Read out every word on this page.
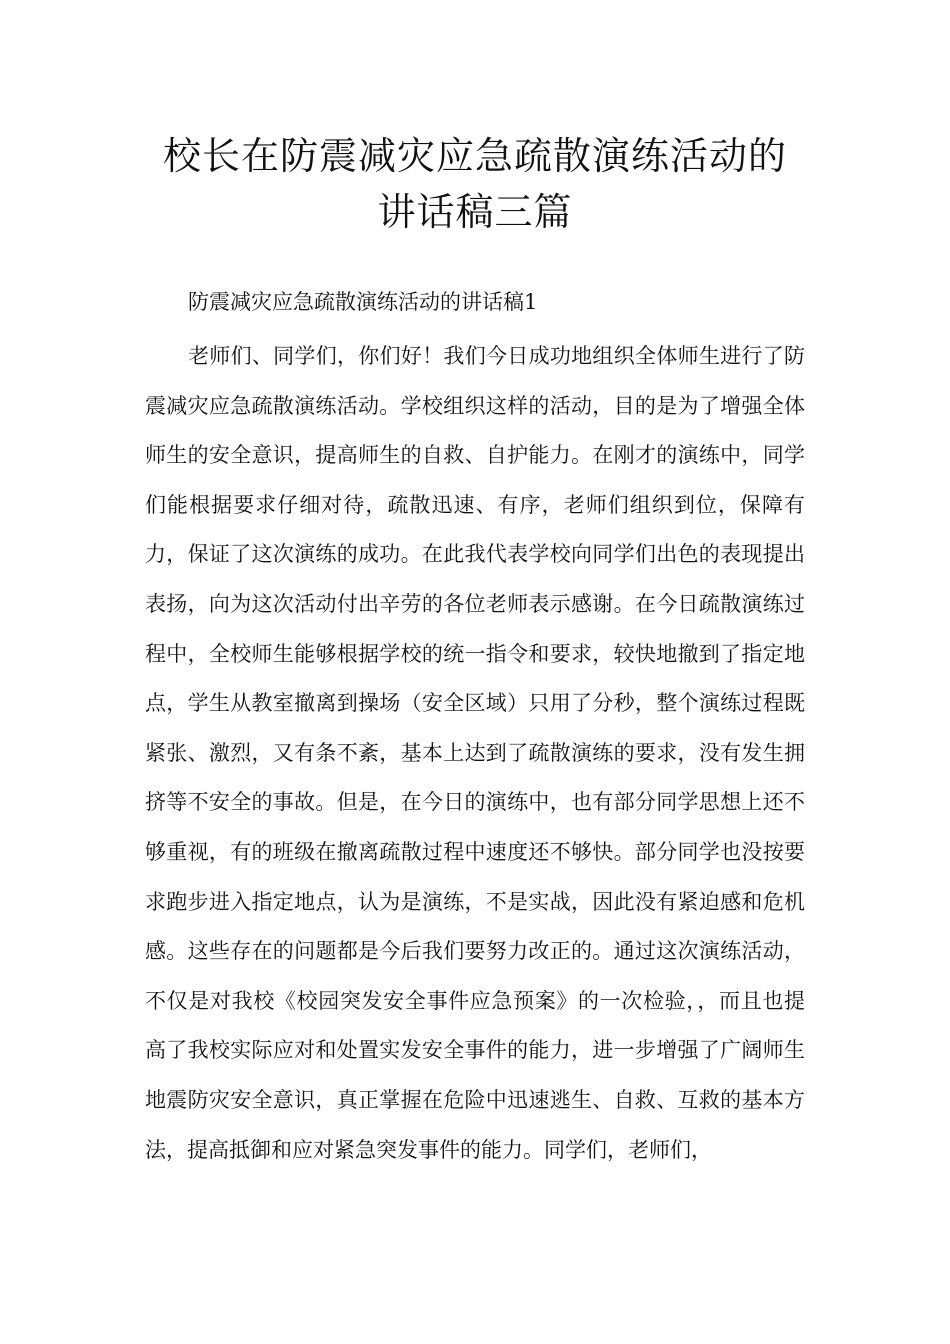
校长在防震减灾应急疏散演练活动的讲话稿三篇
防震减灾应急疏散演练活动的讲话稿1

老师们、同学们，你们好！我们今日成功地组织全体师生进行了防震减灾应急疏散演练活动。学校组织这样的活动，目的是为了增强全体师生的安全意识，提高师生的自救、自护能力。在刚才的演练中，同学们能根据要求仔细对待，疏散迅速、有序，老师们组织到位，保障有力，保证了这次演练的成功。在此我代表学校向同学们出色的表现提出表扬，向为这次活动付出辛劳的各位老师表示感谢。在今日疏散演练过程中，全校师生能够根据学校的统一指令和要求，较快地撤到了指定地点，学生从教室撤离到操场（安全区域）只用了分秒，整个演练过程既紧张、激烈，又有条不紊，基本上达到了疏散演练的要求，没有发生拥挤等不安全的事故。但是，在今日的演练中，也有部分同学思想上还不够重视，有的班级在撤离疏散过程中速度还不够快。部分同学也没按要求跑步进入指定地点，认为是演练，不是实战，因此没有紧迫感和危机感。这些存在的问题都是今后我们要努力改正的。通过这次演练活动，不仅是对我校《校园突发安全事件应急预案》的一次检验，，而且也提高了我校实际应对和处置实发安全事件的能力，进一步增强了广阔师生地震防灾安全意识，真正掌握在危险中迅速逃生、自救、互救的基本方法，提高抵御和应对紧急突发事件的能力。同学们，老师们，
